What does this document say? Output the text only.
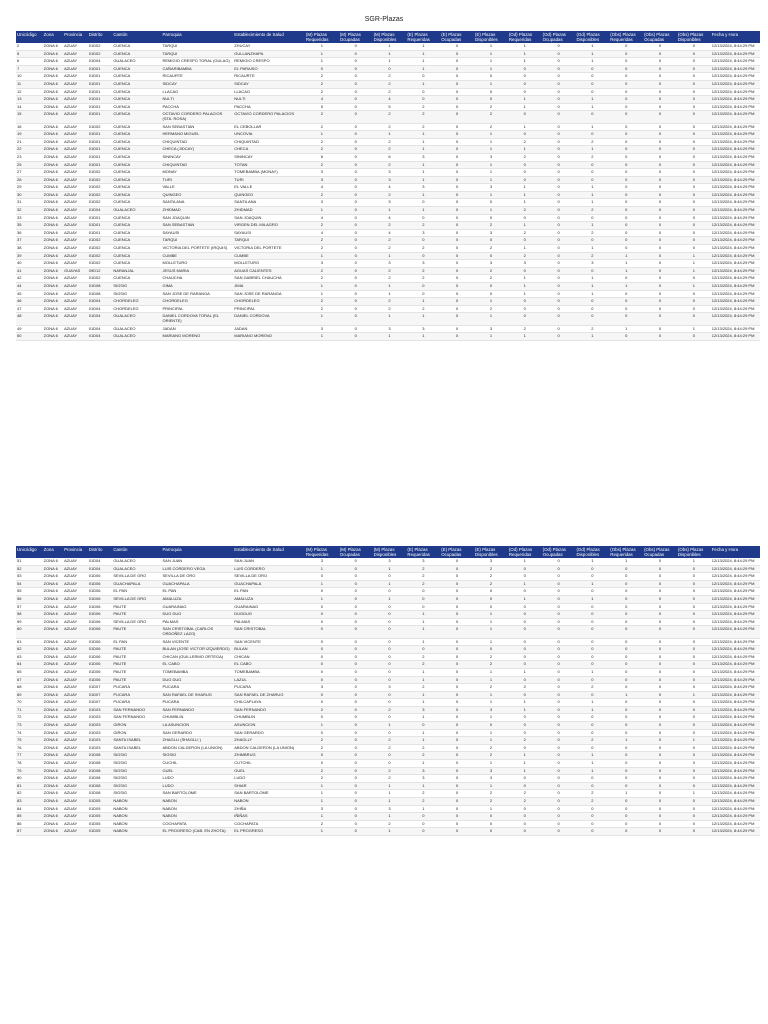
SGR-Plazas
Unicódigo	Zona	Provincia	Distrito	Cantón	Parroquia	Establecimiento de Salud	(M) Plazas Requeridas	(M) Plazas Ocupadas	(M) Plazas Disponibles	(E) Plazas Requeridas	(E) Plazas Ocupadas	(E) Plazas Disponibles	(Od) Plazas Requeridas	(Od) Plazas Ocupadas	(Od) Plazas Disponibles	(Obs) Plazas Requeridas	(Obs) Plazas Ocupadas	(Obs) Plazas Disponibles	Fecha y Hora
2	ZONA 6	AZUAY	01D02	CUENCA	TARQUI	ZHUCAY	1	0	1	1	0	1	1	0	1	0	0	0	12/13/2024, 8:44:29 PM
5	ZONA 6	AZUAY	01D02	CUENCA	TARQUI	GULLANZHAPA	1	0	1	1	0	1	1	0	1	0	0	0	12/13/2024, 8:44:29 PM
6	ZONA 6	AZUAY	01D04	GUALACEO	REMIGIO CRESPO TORAL (GULAG)	REMIGIO CRESPO	1	0	1	1	0	1	1	0	1	0	0	0	12/13/2024, 8:44:29 PM
7	ZONA 6	AZUAY	01D01	CUENCA	CAÑARIBAMBA	EL PARAISO	0	0	0	1	0	1	0	0	0	0	0	0	12/13/2024, 8:44:29 PM
10	ZONA 6	AZUAY	01D01	CUENCA	RICAURTE	RICAURTE	2	0	2	0	0	0	0	0	0	0	0	0	12/13/2024, 8:44:29 PM
11	ZONA 6	AZUAY	01D01	CUENCA	SIDCAY	SIDCAY	2	0	2	1	0	1	0	0	0	0	0	0	12/13/2024, 8:44:29 PM
12	ZONA 6	AZUAY	01D01	CUENCA	LLACAO	LLACAO	2	0	2	0	0	0	0	0	0	0	0	0	12/13/2024, 8:44:29 PM
13	ZONA 6	AZUAY	01D01	CUENCA	NULTI	NULTI	4	0	4	0	0	0	1	0	1	0	0	0	12/13/2024, 8:44:29 PM
14	ZONA 6	AZUAY	01D01	CUENCA	PACCHA	PACCHA	5	0	5	2	0	2	1	0	1	0	0	0	12/13/2024, 8:44:29 PM
15	ZONA 6	AZUAY	01D01	CUENCA	OCTAVIO CORDERO PALACIOS (STA. ROSA)	OCTAVIO CORDERO PALACIOS	2	0	2	2	0	2	0	0	0	0	0	0	12/13/2024, 8:44:29 PM
16	ZONA 6	AZUAY	01D02	CUENCA	SAN SEBASTIAN	EL CEBOLLAR	2	0	2	2	0	2	1	0	1	0	0	0	12/13/2024, 8:44:29 PM
19	ZONA 6	AZUAY	01D01	CUENCA	HERMANO MIGUEL	UNCOVIA	1	0	1	1	0	1	0	0	0	0	0	0	12/13/2024, 8:44:29 PM
21	ZONA 6	AZUAY	01D01	CUENCA	CHIQUINTAD	CHIQUINTAD	2	0	2	1	0	1	2	0	2	0	0	0	12/13/2024, 8:44:29 PM
22	ZONA 6	AZUAY	01D01	CUENCA	CHECA (JIDCAY)	CHECA	2	0	2	1	0	1	1	0	1	0	0	0	12/13/2024, 8:44:29 PM
23	ZONA 6	AZUAY	01D01	CUENCA	SININCAY	SININCAY	6	0	6	3	0	3	2	0	2	0	0	0	12/13/2024, 8:44:29 PM
25	ZONA 6	AZUAY	01D01	CUENCA	CHIQUINTAD	TOTAN	2	0	2	1	0	1	0	0	0	0	0	0	12/13/2024, 8:44:29 PM
27	ZONA 6	AZUAY	01D02	CUENCA	MONAY	TOMEBAMBA (MONAY)	3	0	3	1	0	1	0	0	0	0	0	0	12/13/2024, 8:44:29 PM
28	ZONA 6	AZUAY	01D02	CUENCA	TURI	TURI	3	0	3	1	0	1	0	0	0	0	0	0	12/13/2024, 8:44:29 PM
29	ZONA 6	AZUAY	01D02	CUENCA	VALLE	EL VALLE	4	0	4	3	0	3	1	0	1	0	0	0	12/13/2024, 8:44:29 PM
30	ZONA 6	AZUAY	01D02	CUENCA	QUINGEO	QUINGEO	2	0	2	1	0	1	1	0	1	0	0	0	12/13/2024, 8:44:29 PM
31	ZONA 6	AZUAY	01D02	CUENCA	SANTA ANA	SANTA ANA	3	0	3	0	0	0	1	0	1	0	0	0	12/13/2024, 8:44:29 PM
32	ZONA 6	AZUAY	01D04	GUALACEO	ZHIDMAD	ZHIDMAD	1	0	1	1	0	1	2	0	2	0	0	0	12/13/2024, 8:44:29 PM
33	ZONA 6	AZUAY	01D01	CUENCA	SAN JOAQUIN	SAN JOAQUIN	4	0	4	0	0	0	0	0	0	0	0	0	12/13/2024, 8:44:29 PM
35	ZONA 6	AZUAY	01D01	CUENCA	SAN SEBASTIAN	VIRGEN DEL MILAGRO	2	0	2	2	0	2	1	0	1	0	0	0	12/13/2024, 8:44:29 PM
36	ZONA 6	AZUAY	01D01	CUENCA	SAYAUSI	SAYAUSI	4	0	4	3	0	3	2	0	2	0	0	0	12/13/2024, 8:44:29 PM
37	ZONA 6	AZUAY	01D02	CUENCA	TARQUI	TARQUI	2	0	2	0	0	0	0	0	0	0	0	0	12/13/2024, 8:44:29 PM
38	ZONA 6	AZUAY	01D02	CUENCA	VICTORIA DEL PORTETE (IRQUIS)	VICTORIA DEL PORTETE	2	0	2	2	0	2	1	0	1	0	0	0	12/13/2024, 8:44:29 PM
39	ZONA 6	AZUAY	01D02	CUENCA	CUMBE	CUMBE	1	0	1	0	0	0	2	0	2	1	0	1	12/13/2024, 8:44:29 PM
40	ZONA 6	AZUAY	01D02	CUENCA	MOLLETURO	MOLLETURO	3	0	3	3	0	3	3	0	3	1	0	1	12/13/2024, 8:44:29 PM
41	ZONA 6	GUAYAS	09D12	NARANJAL	JESUS MARIA	AGUAS CALIENTES	2	0	2	2	0	2	0	0	0	1	0	1	12/13/2024, 8:44:29 PM
42	ZONA 6	AZUAY	01D02	CUENCA	CHAUCHA	SAN GABRIEL CHAUCHA	2	0	2	2	0	2	1	0	1	0	0	0	12/13/2024, 8:44:29 PM
44	ZONA 6	AZUAY	01D08	SIGSIG	GIMA	JIMA	1	0	1	0	0	0	1	0	1	1	0	1	12/13/2024, 8:44:29 PM
45	ZONA 6	AZUAY	01D08	SIGSIG	SAN JOSE DE RARANGA	SAN JOSE DE RARANGA	1	0	1	0	0	0	1	0	1	0	0	0	12/13/2024, 8:44:29 PM
46	ZONA 6	AZUAY	01D04	CHORDELEG	CHORDELEG	CHORDELEG	2	0	2	1	0	1	0	0	0	0	0	0	12/13/2024, 8:44:29 PM
47	ZONA 6	AZUAY	01D04	CHORDELEG	PRINCIPAL	PRINCIPAL	2	0	2	2	0	2	0	0	0	0	0	0	12/13/2024, 8:44:29 PM
48	ZONA 6	AZUAY	01D04	GUALACEO	DANIEL CORDOVA TORAL (EL ORIENTE)	DANIEL CORDOVA	1	0	1	1	0	1	0	0	0	0	0	0	12/13/2024, 8:44:29 PM
49	ZONA 6	AZUAY	01D04	GUALACEO	JADAN	JADAN	3	0	3	3	0	3	2	0	2	1	0	1	12/13/2024, 8:44:29 PM
50	ZONA 6	AZUAY	01D04	GUALACEO	MARIANO MORENO	MARIANO MORENO	1	0	1	1	0	1	1	0	1	0	0	0	12/13/2024, 8:44:29 PM
Unicódigo	Zona	Provincia	Distrito	Cantón	Parroquia	Establecimiento de Salud	(M) Plazas Requeridas	(M) Plazas Ocupadas	(M) Plazas Disponibles	(E) Plazas Requeridas	(E) Plazas Ocupadas	(E) Plazas Disponibles	(Od) Plazas Requeridas	(Od) Plazas Ocupadas	(Od) Plazas Disponibles	(Obs) Plazas Requeridas	(Obs) Plazas Ocupadas	(Obs) Plazas Disponibles	Fecha y Hora
51	ZONA 6	AZUAY	01D04	GUALACEO	SAN JUAN	SAN JUAN	3	0	3	3	0	3	1	0	1	1	0	1	12/13/2024, 8:44:29 PM
52	ZONA 6	AZUAY	01D04	GUALACEO	LUIS CORDERO VEGA	LUIS CORDERO	1	0	1	2	0	2	0	0	0	0	0	0	12/13/2024, 8:44:29 PM
53	ZONA 6	AZUAY	01D06	SEVILLA DE ORO	SEVILLA DE ORO	SEVILLA DE ORO	0	0	0	2	0	2	0	0	0	0	0	0	12/13/2024, 8:44:29 PM
54	ZONA 6	AZUAY	01D06	GUACHAPALA	GUACHAPALA	GUACHAPALA	1	0	1	2	0	2	1	0	1	0	0	0	12/13/2024, 8:44:29 PM
55	ZONA 6	AZUAY	01D06	EL PAN	EL PAN	EL PAN	0	0	0	0	0	0	0	0	0	0	0	0	12/13/2024, 8:44:29 PM
56	ZONA 6	AZUAY	01D06	SEVILLA DE ORO	AMALUZA	AMALUZA	1	0	1	0	0	0	1	0	1	0	0	0	12/13/2024, 8:44:29 PM
57	ZONA 6	AZUAY	01D06	PAUTE	GUARAINAG	GUARAINAG	0	0	0	0	0	0	0	0	0	0	0	0	12/13/2024, 8:44:29 PM
58	ZONA 6	AZUAY	01D06	PAUTE	DUG DUG	DUGDUG	0	0	0	1	0	1	0	0	0	0	0	0	12/13/2024, 8:44:29 PM
59	ZONA 6	AZUAY	01D06	SEVILLA DE ORO	PALMAS	PALMAS	0	0	0	1	0	1	0	0	0	0	0	0	12/13/2024, 8:44:29 PM
60	ZONA 6	AZUAY	01D06	PAUTE	SAN CRISTOBAL (CARLOS ORDOÑEZ LAZO)	SAN CRISTOBAL	0	0	0	1	0	1	0	0	0	0	0	0	12/13/2024, 8:44:29 PM
61	ZONA 6	AZUAY	01D06	EL PAN	SAN VICENTE	SAN VICENTE	0	0	0	1	0	1	0	0	0	0	0	0	12/13/2024, 8:44:29 PM
62	ZONA 6	AZUAY	01D06	PAUTE	BULAN (JOSE VICTOR IZQUIERDO)	BULAN	0	0	0	0	0	0	0	0	0	0	0	0	12/13/2024, 8:44:29 PM
63	ZONA 6	AZUAY	01D06	PAUTE	CHICAN (GUILLERMO ORTEGA)	CHICAN	0	0	0	2	0	2	0	0	0	0	0	0	12/13/2024, 8:44:29 PM
64	ZONA 6	AZUAY	01D06	PAUTE	EL CABO	EL CABO	0	0	0	2	0	2	0	0	0	0	0	0	12/13/2024, 8:44:29 PM
65	ZONA 6	AZUAY	01D06	PAUTE	TOMEBAMBA	TOMEBAMBA	0	0	0	1	0	1	1	0	1	0	0	0	12/13/2024, 8:44:29 PM
67	ZONA 6	AZUAY	01D06	PAUTE	DUG DUG	LAZUL	0	0	0	1	0	1	0	0	0	0	0	0	12/13/2024, 8:44:29 PM
68	ZONA 6	AZUAY	01D07	PUCARA	PUCARA	PUCARA	3	0	3	2	0	2	2	0	2	0	0	0	12/13/2024, 8:44:29 PM
69	ZONA 6	AZUAY	01D07	PUCARA	SAN RAFAEL DE SHARUG	SAN RAFAEL DE ZHARUG	0	0	0	1	0	1	0	0	0	1	0	1	12/13/2024, 8:44:29 PM
70	ZONA 6	AZUAY	01D07	PUCARA	PUCARA	CHILCAPLAYA	0	0	0	1	0	1	1	0	1	0	0	0	12/13/2024, 8:44:29 PM
71	ZONA 6	AZUAY	01D03	SAN FERNANDO	SAN FERNANDO	SAN FERNANDO	2	0	2	3	0	3	1	0	1	0	0	0	12/13/2024, 8:44:29 PM
72	ZONA 6	AZUAY	01D03	SAN FERNANDO	CHUMBLIN	CHUMBLIN	0	0	0	1	0	1	0	0	0	0	0	0	12/13/2024, 8:44:29 PM
73	ZONA 6	AZUAY	01D03	GIRON	LA ASUNCION	ASUNCION	1	0	1	0	0	0	0	0	0	0	0	0	12/13/2024, 8:44:29 PM
74	ZONA 6	AZUAY	01D03	GIRON	SAN GERARDO	SAN GERARDO	0	0	0	1	0	1	0	0	0	0	0	0	12/13/2024, 8:44:29 PM
75	ZONA 6	AZUAY	01D03	SANTA ISABEL	ZHAGLLI (SHAGLLI )	ZHAGLLY	2	0	2	1	0	1	2	0	2	1	0	1	12/13/2024, 8:44:29 PM
76	ZONA 6	AZUAY	01D03	SANTA ISABEL	ABDON CALDERON (LA UNION)	ABDON CALDERON (LA UNION)	2	0	2	2	0	2	0	0	0	0	0	0	12/13/2024, 8:44:29 PM
77	ZONA 6	AZUAY	01D08	SIGSIG	SIGSIG	ZHIMBRUG	0	0	0	2	0	2	1	0	1	0	0	0	12/13/2024, 8:44:29 PM
78	ZONA 6	AZUAY	01D08	SIGSIG	CUCHIL	CUTCHIL	0	0	0	1	0	1	1	0	1	0	0	0	12/13/2024, 8:44:29 PM
79	ZONA 6	AZUAY	01D08	SIGSIG	GUEL	GUEL	2	0	2	3	0	3	1	0	1	0	0	0	12/13/2024, 8:44:29 PM
80	ZONA 6	AZUAY	01D08	SIGSIG	LUDO	LUDO	2	0	2	3	0	3	0	0	0	0	0	0	12/13/2024, 8:44:29 PM
81	ZONA 6	AZUAY	01D08	SIGSIG	LUDO	SHIAR	1	0	1	1	0	1	0	0	0	0	0	0	12/13/2024, 8:44:29 PM
82	ZONA 6	AZUAY	01D08	SIGSIG	SAN BARTOLOME	SAN BARTOLOME	1	0	1	2	0	2	2	0	2	1	0	1	12/13/2024, 8:44:29 PM
83	ZONA 6	AZUAY	01D05	NABON	NABON	NABON	1	0	1	2	0	2	2	0	2	0	0	0	12/13/2024, 8:44:29 PM
84	ZONA 6	AZUAY	01D05	NABON	NABON	ZHIÑA	3	0	3	1	0	1	0	0	0	0	0	0	12/13/2024, 8:44:29 PM
85	ZONA 6	AZUAY	01D05	NABON	NABON	IÑIÑAS	1	0	1	0	0	0	0	0	0	0	0	0	12/13/2024, 8:44:29 PM
86	ZONA 6	AZUAY	01D05	NABON	COCHAPATA	COCHAPATA	2	0	2	0	0	0	0	0	0	0	0	0	12/13/2024, 8:44:29 PM
87	ZONA 6	AZUAY	01D05	NABON	EL PROGRESO (CAB. EN ZHOTA)	EL PROGRESO	1	0	1	0	0	0	0	0	0	0	0	0	12/13/2024, 8:44:29 PM
